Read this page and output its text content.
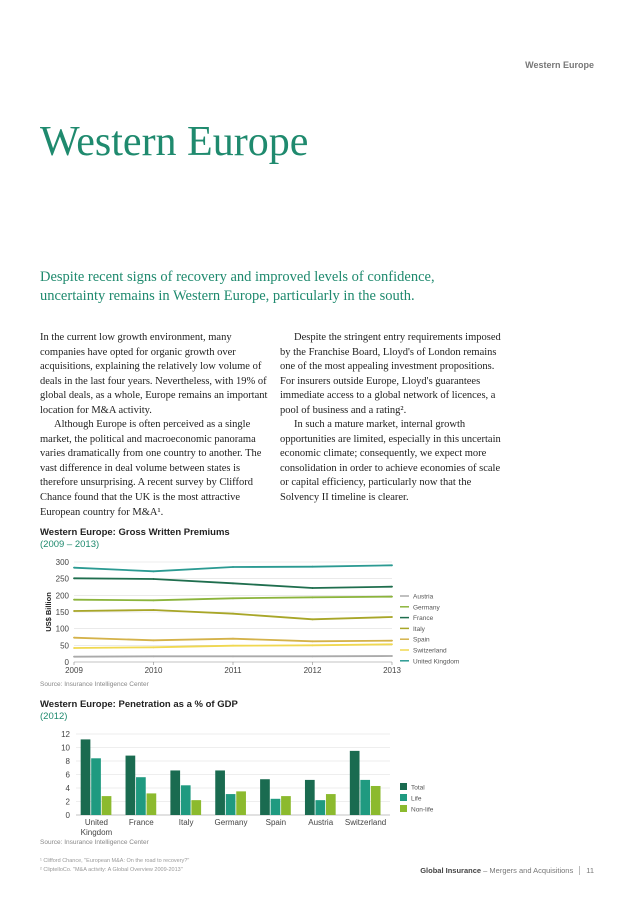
Western Europe
Western Europe
Despite recent signs of recovery and improved levels of confidence, uncertainty remains in Western Europe, particularly in the south.

In the current low growth environment, many companies have opted for organic growth over acquisitions, explaining the relatively low volume of deals in the last four years. Nevertheless, with 19% of global deals, as a whole, Europe remains an important location for M&A activity.

Although Europe is often perceived as a single market, the political and macroeconomic panorama varies dramatically from one country to another. The vast difference in deal volume between states is therefore unsurprising. A recent survey by Clifford Chance found that the UK is the most attractive European country for M&A¹.

Despite the stringent entry requirements imposed by the Franchise Board, Lloyd's of London remains one of the most appealing investment propositions. For insurers outside Europe, Lloyd's guarantees immediate access to a global network of licences, a pool of business and a rating².

In such a mature market, internal growth opportunities are limited, especially in this uncertain economic climate; consequently, we expect more consolidation in order to achieve economies of scale or capital efficiency, particularly now that the Solvency II timeline is clearer.

Western Europe: Gross Written Premiums
(2009 – 2013)
0
50
100
150
200
250
300
2009	2010	2011	2012	2013
US$ Billion	Austria
Germany
France
Italy
Spain
Switzerland
United Kingdom
Source: Insurance Intelligence Center
Western Europe: Penetration as a % of GDP
(2012)
0
2
4
6
8
10
12
United
Kingdom
France	Italy	Germany Spain	Austria Switzerland
Total
Life
Non-life
Source: Insurance Intelligence Center
¹ Clifford Chance, "European M&A: On the road to recovery?"
² CliptelloCo. "M&A activity: A Global Overview 2009-2013"	Global Insurance – Mergers and Acquisitions 11
